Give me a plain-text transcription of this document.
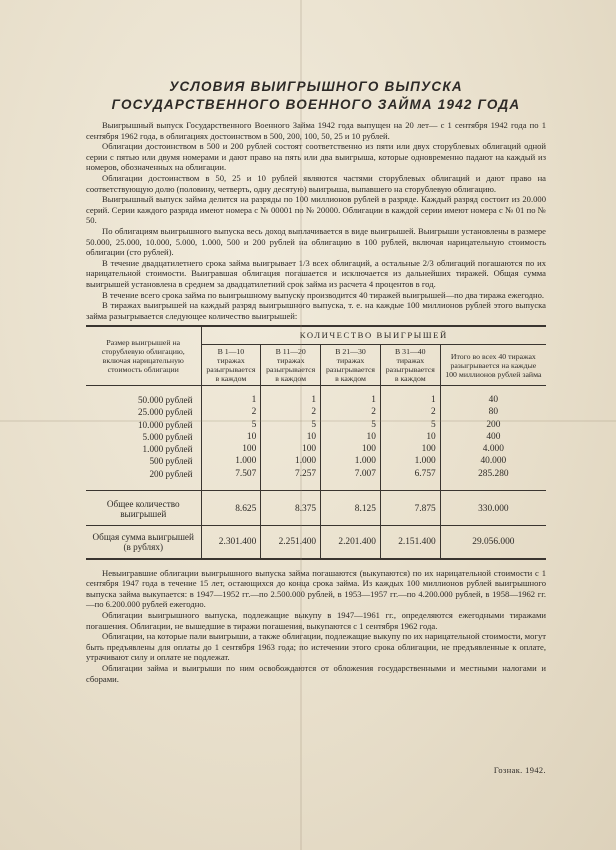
УСЛОВИЯ ВЫИГРЫШНОГО ВЫПУСКА
ГОСУДАРСТВЕННОГО ВОЕННОГО ЗАЙМА 1942 ГОДА

Выигрышный выпуск Государственного Военного Займа 1942 года выпущен на 20 лет— с 1 сентября 1942 года по 1 сентября 1962 года, в облигациях достоинством в 500, 200, 100, 50, 25 и 10 рублей.

Облигации достоинством в 500 и 200 рублей состоят соответственно из пяти или двух сторублевых облигаций одной серии с пятью или двумя номерами и дают право на пять или два выигрыша, которые одновременно падают на каждый из номеров, обозначенных на облигации.

Облигации достоинством в 50, 25 и 10 рублей являются частями сторублевых облигаций и дают право на соответствующую долю (половину, четверть, одну десятую) выигрыша, выпавшего на сторублевую облигацию.

Выигрышный выпуск займа делится на разряды по 100 миллионов рублей в разряде. Каждый разряд состоит из 20.000 серий. Серии каждого разряда имеют номера с № 00001 по № 20000. Облигации в каждой серии имеют номера с № 01 по № 50.

По облигациям выигрышного выпуска весь доход выплачивается в виде выигрышей. Выигрыши установлены в размере 50.000, 25.000, 10.000, 5.000, 1.000, 500 и 200 рублей на облигацию в 100 рублей, включая нарицательную стоимость облигации (сто рублей).

В течение двадцатилетнего срока займа выигрывает 1/3 всех облигаций, а остальные 2/3 облигаций погашаются по их нарицательной стоимости. Выигравшая облигация погашается и исключается из дальнейших тиражей. Общая сумма выигрышей установлена в среднем за двадцатилетний срок займа из расчета 4 процентов в год.

В течение всего срока займа по выигрышному выпуску производится 40 тиражей выигрышей—по два тиража ежегодно.

В тиражах выигрышей на каждый разряд выигрышного выпуска, т. е. на каждые 100 миллионов рублей этого выпуска займа разыгрывается следующее количество выигрышей:

Размер выигрышей на сторублевую облигацию, включая нарицательную стоимость облигации	КОЛИЧЕСТВО ВЫИГРЫШЕЙ				
	В 1—10 тиражах разыгрывается в каждом	В 11—20 тиражах разыгрывается в каждом	В 21—30 тиражах разыгрывается в каждом	В 31—40 тиражах разыгрывается в каждом	Итого во всех 40 тиражах разыгрывается на каждые 100 миллионов рублей займа
50.000 рублей	1	1	1	1	40
25.000 рублей	2	2	2	2	80
10.000 рублей	5	5	5	5	200
5.000 рублей	10	10	10	10	400
1.000 рублей	100	100	100	100	4.000
500 рублей	1.000	1.000	1.000	1.000	40.000
200 рублей	7.507	7.257	7.007	6.757	285.280
Общее количество выигрышей	8.625	8.375	8.125	7.875	330.000
Общая сумма выигрышей (в рублях)	2.301.400	2.251.400	2.201.400	2.151.400	29.056.000

Невыигравшие облигации выигрышного выпуска займа погашаются (выкупаются) по их нарицательной стоимости с 1 сентября 1947 года в течение 15 лет, остающихся до конца срока займа. Из каждых 100 миллионов рублей выигрышного выпуска займа выкупается: в 1947—1952 гг.—по 2.500.000 рублей, в 1953—1957 гг.—по 4.200.000 рублей, в 1958—1962 гг.—по 6.200.000 рублей ежегодно.

Облигации выигрышного выпуска, подлежащие выкупу в 1947—1961 гг., определяются ежегодными тиражами погашения. Облигации, не вышедшие в тиражи погашения, выкупаются с 1 сентября 1962 года.

Облигации, на которые пали выигрыши, а также облигации, подлежащие выкупу по их нарицательной стоимости, могут быть предъявлены для оплаты до 1 сентября 1963 года; по истечении этого срока облигации, не предъявленные к оплате, утрачивают силу и оплате не подлежат.

Облигации займа и выигрыши по ним освобождаются от обложения государственными и местными налогами и сборами.

Гознак. 1942.
